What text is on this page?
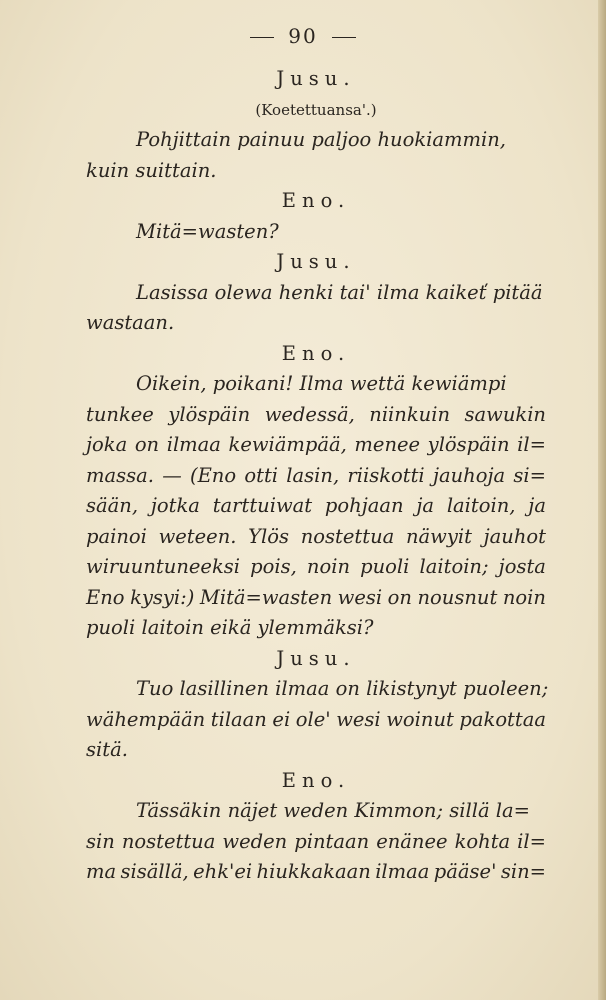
90
Jusu.
(Koetettuansa'.)
Pohjittain painuu paljoo huokiammin,
kuin suittain.
Eno.
Mitä=wasten?
Jusu.
Lasissa olewa henki tai' ilma kaikeť pitää
wastaan.
Eno.
Oikein, poikani! Ilma wettä kewiämpi
tunkee ylöspäin wedessä, niinkuin sawukin
joka on ilmaa kewiämpää, menee ylöspäin il=
massa. — (Eno otti lasin, riiskotti jauhoja si=
sään, jotka tarttuiwat pohjaan ja laitoin, ja
painoi weteen. Ylös nostettua näwyit jauhot
wiruuntuneeksi pois, noin puoli laitoin; josta
Eno kysyi:) Mitä=wasten wesi on nousnut noin
puoli laitoin eikä ylemmäksi?
Jusu.
Tuo lasillinen ilmaa on likistynyt puoleen;
wähempään tilaan ei ole' wesi woinut pakottaa
sitä.
Eno.
Tässäkin näjet weden Kimmon; sillä la=
sin nostettua weden pintaan enänee kohta il=
ma sisällä, ehk'ei hiukkakaan ilmaa pääse' sin=
